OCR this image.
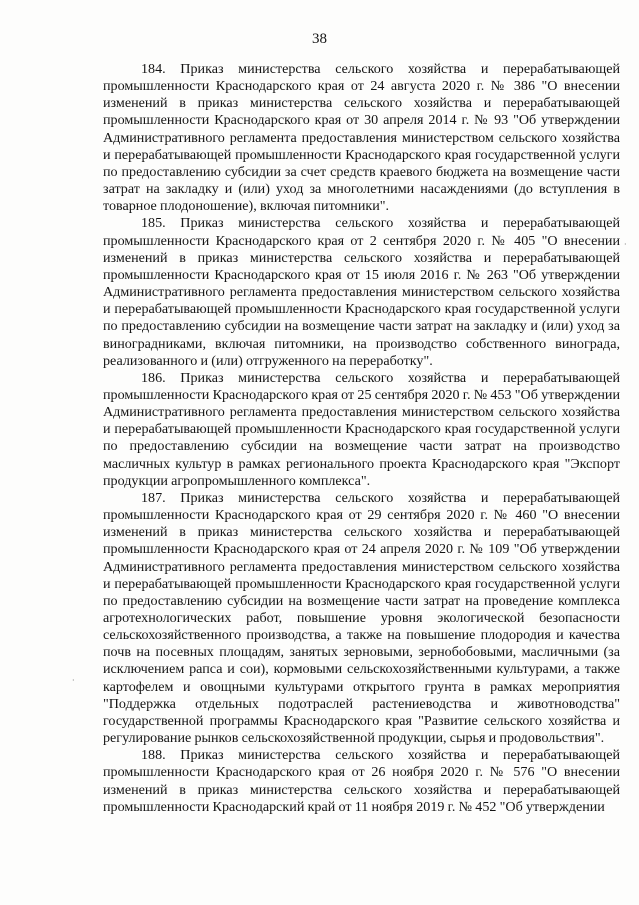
38

184. Приказ министерства сельского хозяйства и перерабатывающей промышленности Краснодарского края от 24 августа 2020 г. № 386 "О внесении изменений в приказ министерства сельского хозяйства и перерабатывающей промышленности Краснодарского края от 30 апреля 2014 г. № 93 "Об утверждении Административного регламента предоставления министерством сельского хозяйства и перерабатывающей промышленности Краснодарского края государственной услуги по предоставлению субсидии за счет средств краевого бюджета на возмещение части затрат на закладку и (или) уход за многолетними насаждениями (до вступления в товарное плодоношение), включая питомники".

185. Приказ министерства сельского хозяйства и перерабатывающей промышленности Краснодарского края от 2 сентября 2020 г. № 405 "О внесении изменений в приказ министерства сельского хозяйства и перерабатывающей промышленности Краснодарского края от 15 июля 2016 г. № 263 "Об утверждении Административного регламента предоставления министерством сельского хозяйства и перерабатывающей промышленности Краснодарского края государственной услуги по предоставлению субсидии на возмещение части затрат на закладку и (или) уход за виноградниками, включая питомники, на производство собственного винограда, реализованного и (или) отгруженного на переработку".

186. Приказ министерства сельского хозяйства и перерабатывающей промышленности Краснодарского края от 25 сентября 2020 г. № 453 "Об утверждении Административного регламента предоставления министерством сельского хозяйства и перерабатывающей промышленности Краснодарского края государственной услуги по предоставлению субсидии на возмещение части затрат на производство масличных культур в рамках регионального проекта Краснодарского края "Экспорт продукции агропромышленного комплекса".

187. Приказ министерства сельского хозяйства и перерабатывающей промышленности Краснодарского края от 29 сентября 2020 г. № 460 "О внесении изменений в приказ министерства сельского хозяйства и перерабатывающей промышленности Краснодарского края от 24 апреля 2020 г. № 109 "Об утверждении Административного регламента предоставления министерством сельского хозяйства и перерабатывающей промышленности Краснодарского края государственной услуги по предоставлению субсидии на возмещение части затрат на проведение комплекса агротехнологических работ, повышение уровня экологической безопасности сельскохозяйственного производства, а также на повышение плодородия и качества почв на посевных площадям, занятых зерновыми, зернобобовыми, масличными (за исключением рапса и сои), кормовыми сельскохозяйственными культурами, а также картофелем и овощными культурами открытого грунта в рамках мероприятия "Поддержка отдельных подотраслей растениеводства и животноводства" государственной программы Краснодарского края "Развитие сельского хозяйства и регулирование рынков сельскохозяйственной продукции, сырья и продовольствия".

188. Приказ министерства сельского хозяйства и перерабатывающей промышленности Краснодарского края от 26 ноября 2020 г. № 576 "О внесении изменений в приказ министерства сельского хозяйства и перерабатывающей промышленности Краснодарский край от 11 ноября 2019 г. № 452 "Об утверждении

·
·
